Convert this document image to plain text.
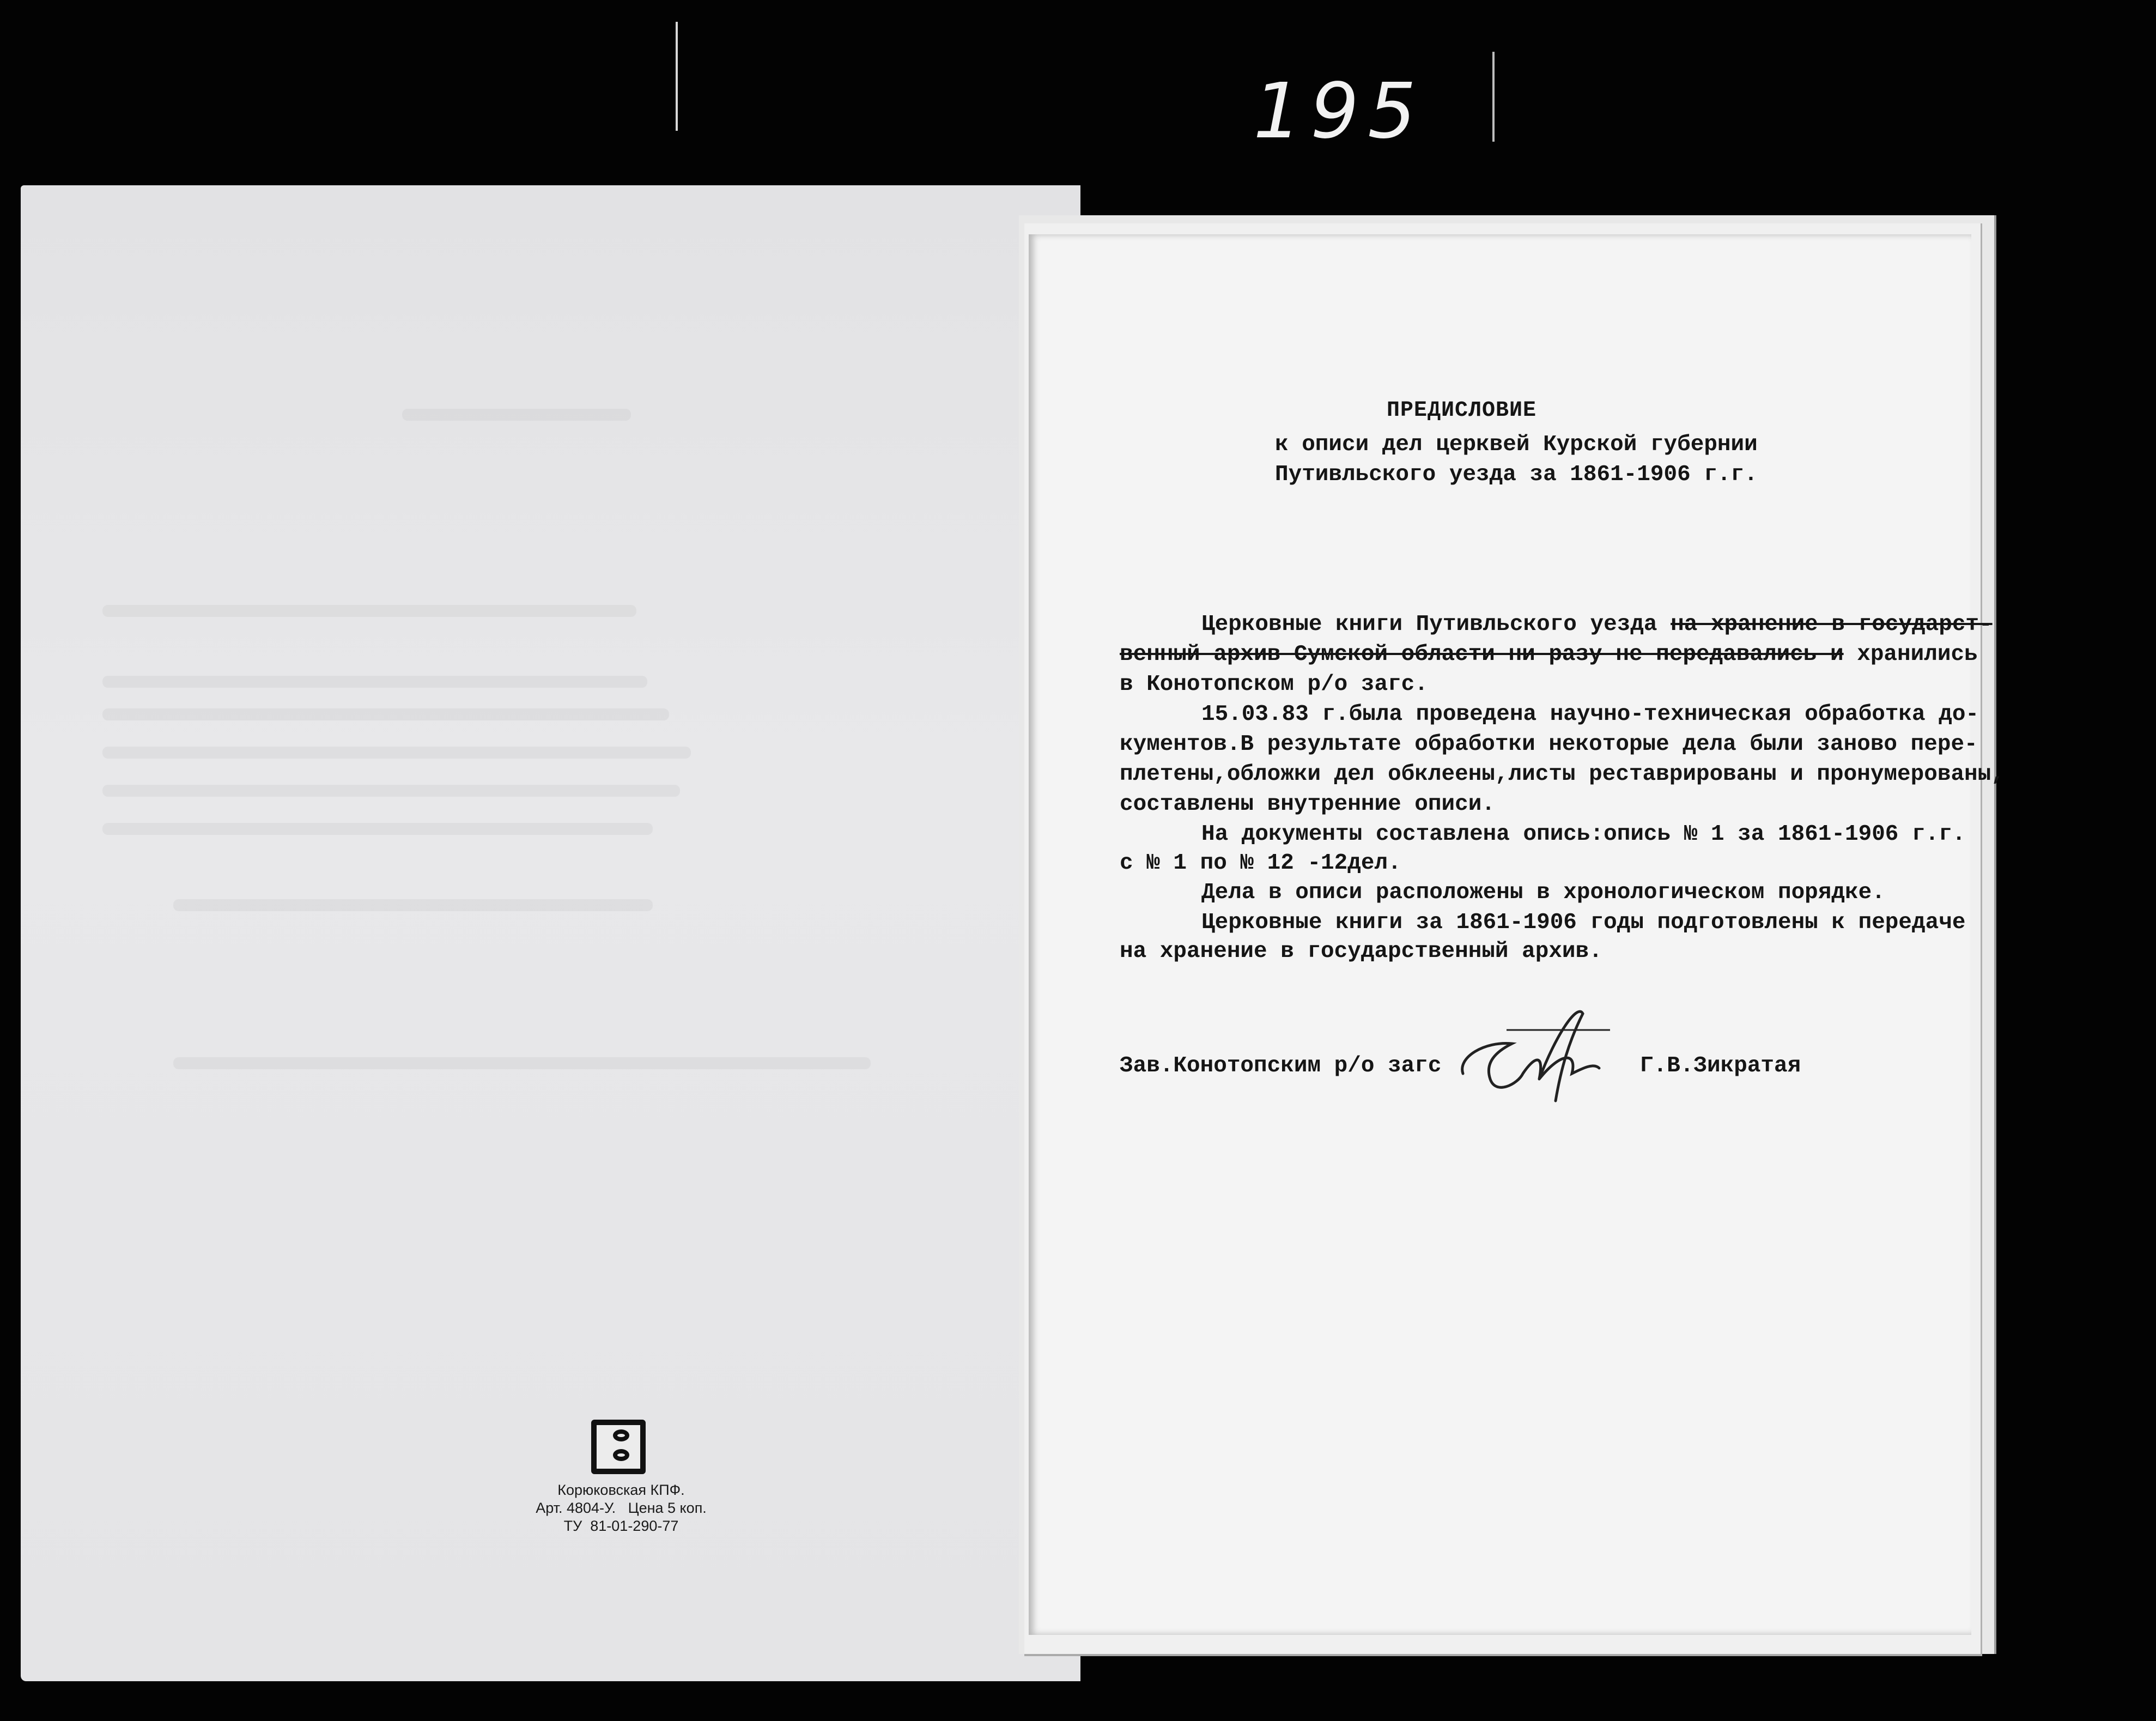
195
Корюковская КПФ.
Арт. 4804-У.   Цена 5 коп.
ТУ  81-01-290-77
ПРЕДИСЛОВИЕ
к описи дел церквей Курской губернии
Путивльского уезда за 1861-1906 г.г.
Церковные книги Путивльского уезда на хранение в государст-
венный архив Сумской области ни разу не передавались и хранились
в Конотопском р/о загс.
15.03.83 г.была проведена научно-техническая обработка до-
кументов.В результате обработки некоторые дела были заново пере-
плетены,обложки дел обклеены,листы реставрированы и пронумерованы,
составлены внутренние описи.
На документы составлена опись:опись № 1 за 1861-1906 г.г.
с № 1 по № 12 -12дел.
Дела в описи расположены в хронологическом порядке.
Церковные книги за 1861-1906 годы подготовлены к передаче
на хранение в государственный архив.
Зав.Конотопским р/о загс	Г.В.Зикратая
